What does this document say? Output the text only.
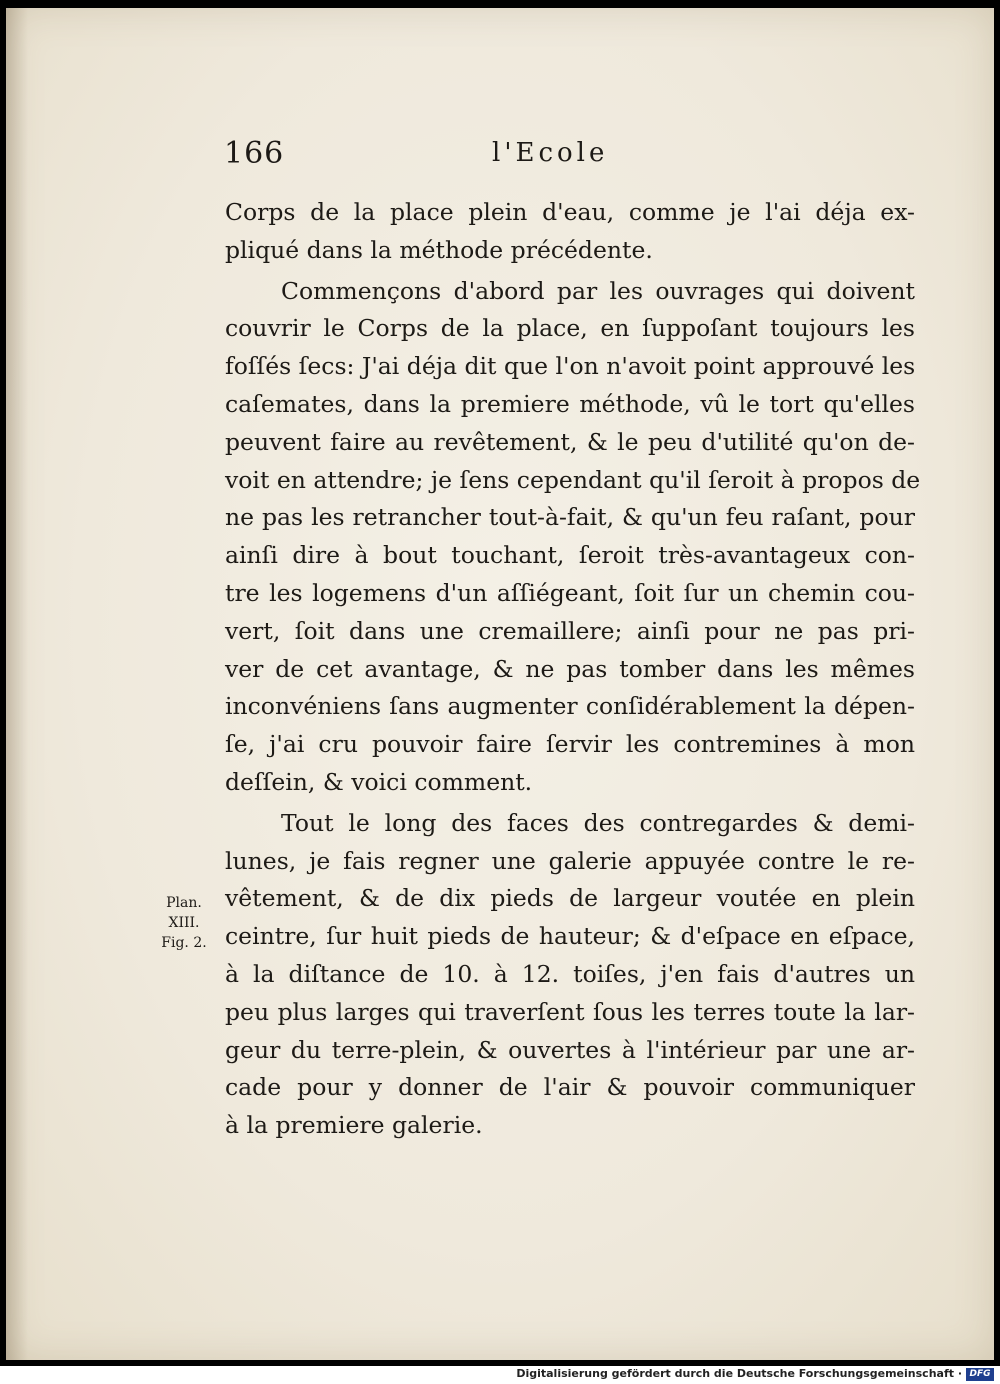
166	l'Ecole
Plan.
XIII.
Fig. 2.
Corps de la place plein d'eau, comme je l'ai déja ex-
pliqué dans la méthode précédente.
Commençons d'abord par les ouvrages qui doivent
couvrir le Corps de la place, en ſuppoſant toujours les
foſſés ſecs: J'ai déja dit que l'on n'avoit point approuvé les
caſemates, dans la premiere méthode, vû le tort qu'elles
peuvent faire au revêtement, & le peu d'utilité qu'on de-
voit en attendre; je ſens cependant qu'il ſeroit à propos de
ne pas les retrancher tout-à-fait, & qu'un feu raſant, pour
ainſi dire à bout touchant, ſeroit très-avantageux con-
tre les logemens d'un aſſiégeant, ſoit ſur un chemin cou-
vert, ſoit dans une cremaillere; ainſi pour ne pas pri-
ver de cet avantage, & ne pas tomber dans les mêmes
inconvéniens ſans augmenter conſidérablement la dépen-
ſe, j'ai cru pouvoir faire ſervir les contremines à mon
deſſein, & voici comment.
Tout le long des faces des contregardes & demi-
lunes, je fais regner une galerie appuyée contre le re-
vêtement, & de dix pieds de largeur voutée en plein
ceintre, ſur huit pieds de hauteur; & d'eſpace en eſpace,
à la diſtance de 10. à 12. toiſes, j'en fais d'autres un
peu plus larges qui traverſent ſous les terres toute la lar-
geur du terre-plein, & ouvertes à l'intérieur par une ar-
cade pour y donner de l'air & pouvoir communiquer
à la premiere galerie.
Digitalisierung gefördert durch die Deutsche Forschungsgemeinschaft · DFG
